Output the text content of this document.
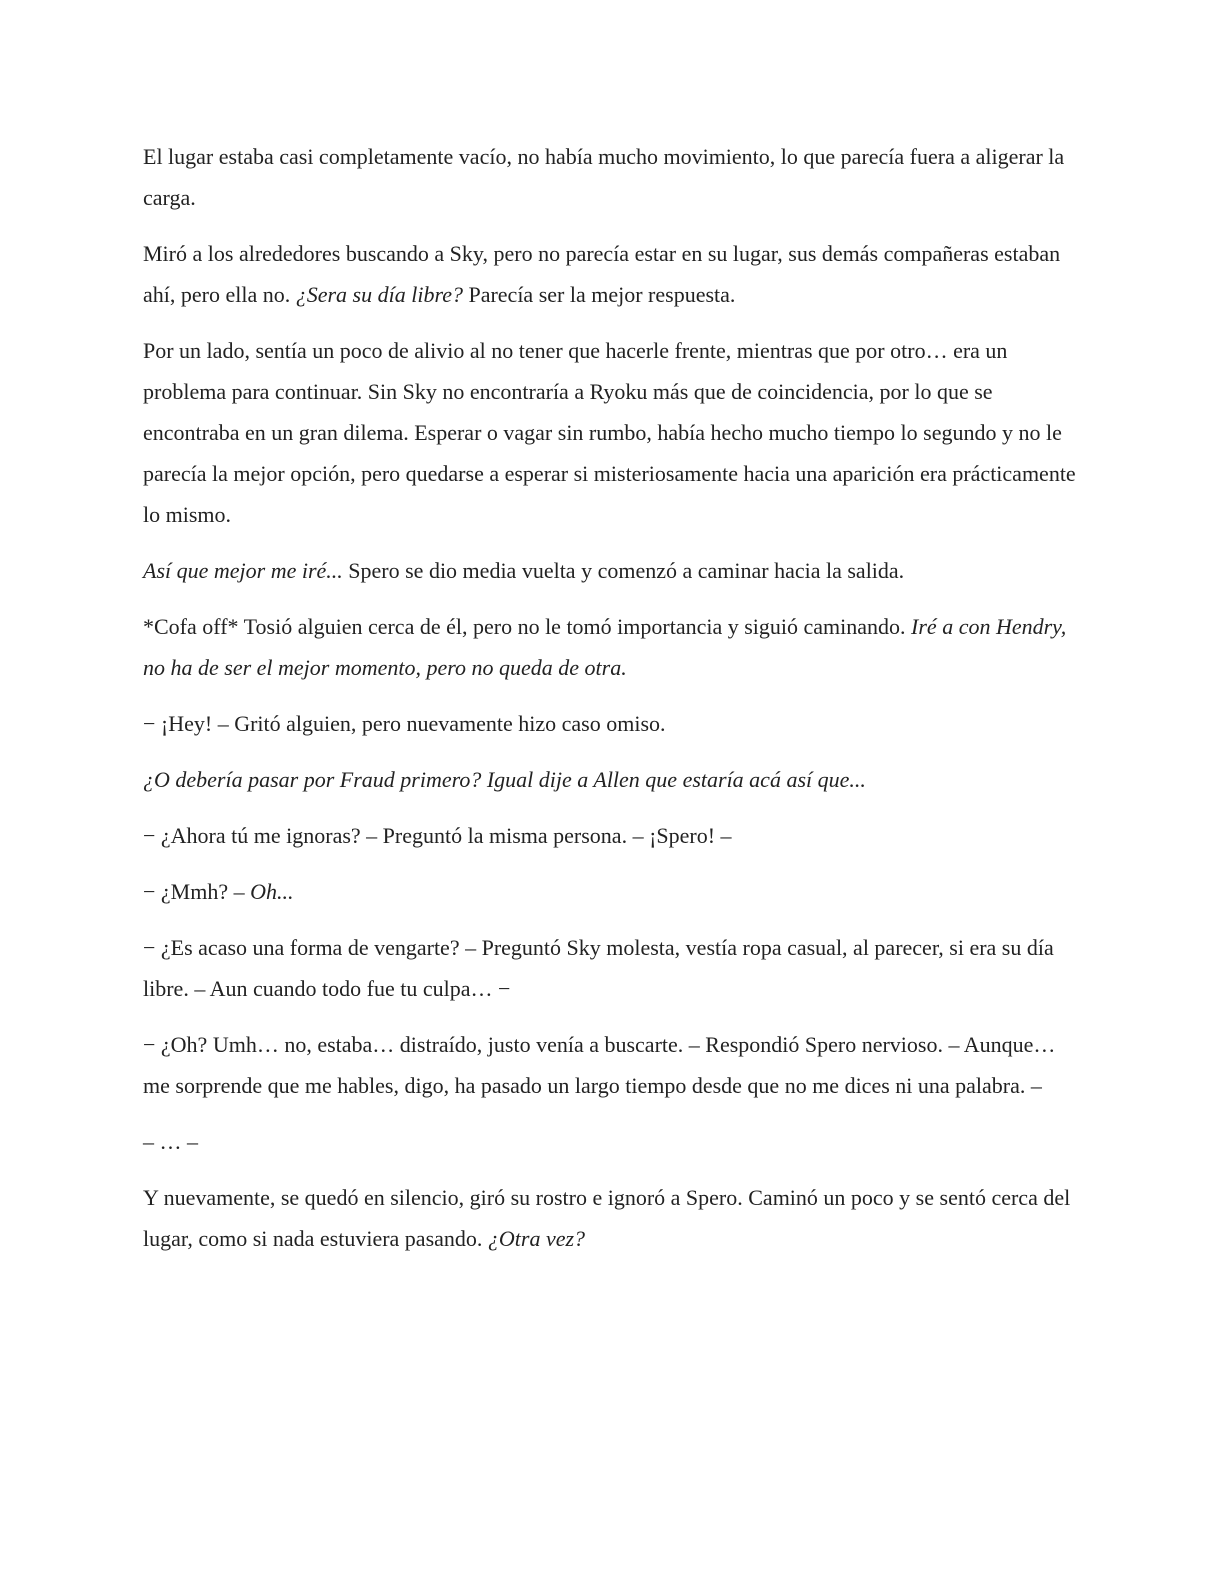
El lugar estaba casi completamente vacío, no había mucho movimiento, lo que parecía fuera a aligerar la carga.

Miró a los alrededores buscando a Sky, pero no parecía estar en su lugar, sus demás compañeras estaban ahí, pero ella no. ¿Sera su día libre? Parecía ser la mejor respuesta.

Por un lado, sentía un poco de alivio al no tener que hacerle frente, mientras que por otro… era un problema para continuar. Sin Sky no encontraría a Ryoku más que de coincidencia, por lo que se encontraba en un gran dilema. Esperar o vagar sin rumbo, había hecho mucho tiempo lo segundo y no le parecía la mejor opción, pero quedarse a esperar si misteriosamente hacia una aparición era prácticamente lo mismo.

Así que mejor me iré... Spero se dio media vuelta y comenzó a caminar hacia la salida.

*Cofa off* Tosió alguien cerca de él, pero no le tomó importancia y siguió caminando. Iré a con Hendry, no ha de ser el mejor momento, pero no queda de otra.

− ¡Hey! – Gritó alguien, pero nuevamente hizo caso omiso.

¿O debería pasar por Fraud primero? Igual dije a Allen que estaría acá así que...

− ¿Ahora tú me ignoras? – Preguntó la misma persona. – ¡Spero! –

− ¿Mmh? – Oh...

− ¿Es acaso una forma de vengarte? – Preguntó Sky molesta, vestía ropa casual, al parecer, si era su día libre. – Aun cuando todo fue tu culpa… −

− ¿Oh? Umh… no, estaba… distraído, justo venía a buscarte. – Respondió Spero nervioso. – Aunque… me sorprende que me hables, digo, ha pasado un largo tiempo desde que no me dices ni una palabra. –

– … –

Y nuevamente, se quedó en silencio, giró su rostro e ignoró a Spero. Caminó un poco y se sentó cerca del lugar, como si nada estuviera pasando. ¿Otra vez?
